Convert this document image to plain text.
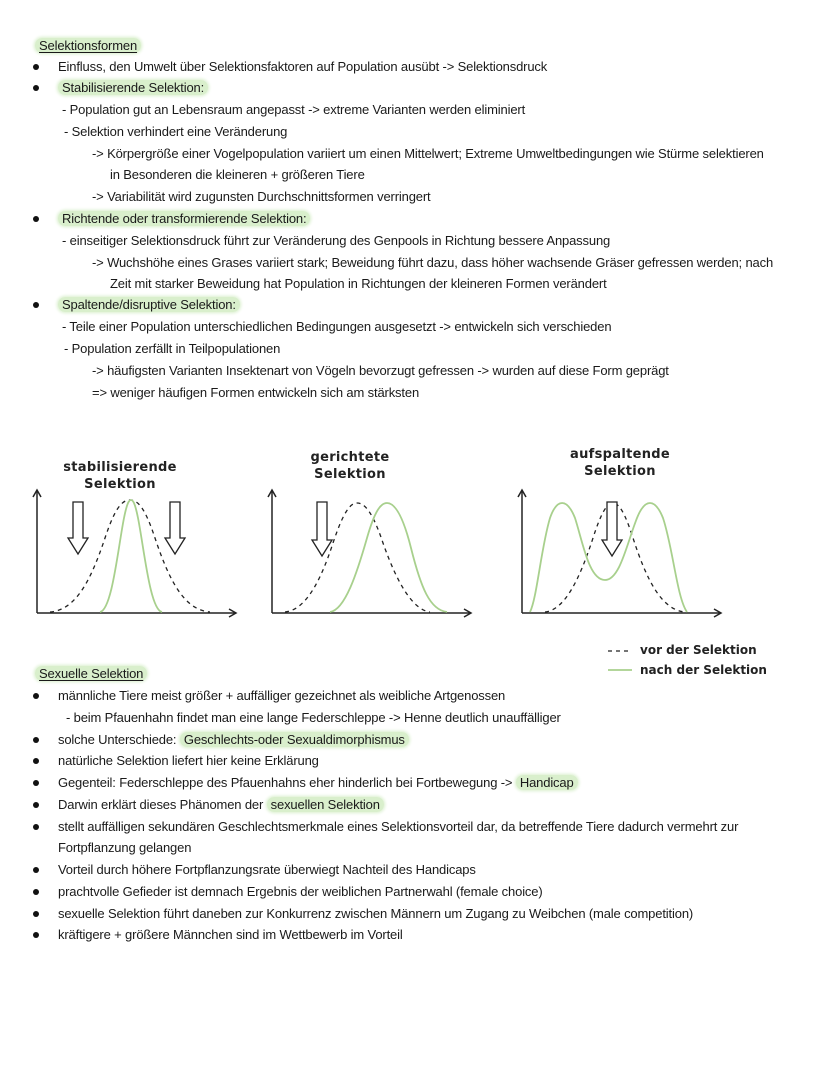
Selektionsformen
Einfluss, den Umwelt über Selektionsfaktoren auf Population ausübt -> Selektionsdruck
Stabilisierende Selektion:
- Population gut an Lebensraum angepasst -> extreme Varianten werden eliminiert
- Selektion verhindert eine Veränderung
-> Körpergröße einer Vogelpopulation variiert um einen Mittelwert; Extreme Umweltbedingungen wie Stürme selektieren
in Besonderen die kleineren + größeren Tiere
-> Variabilität wird zugunsten Durchschnittsformen verringert
Richtende oder transformierende Selektion:
- einseitiger Selektionsdruck führt zur Veränderung des Genpools in Richtung bessere Anpassung
-> Wuchshöhe eines Grases variiert stark; Beweidung führt dazu, dass höher wachsende Gräser gefressen werden; nach
Zeit mit starker Beweidung hat Population in Richtungen der kleineren Formen verändert
Spaltende/disruptive Selektion:
- Teile einer Population unterschiedlichen Bedingungen ausgesetzt -> entwickeln sich verschieden
- Population zerfällt in Teilpopulationen
-> häufigsten Varianten Insektenart von Vögeln bevorzugt gefressen -> wurden auf diese Form geprägt
=> weniger häufigen Formen entwickeln sich am stärksten
stabilisierende
Selektion
gerichtete
Selektion
aufspaltende
Selektion
vor der Selektion
nach der Selektion
Sexuelle Selektion
männliche Tiere meist größer + auffälliger gezeichnet als weibliche Artgenossen
- beim Pfauenhahn findet man eine lange Federschleppe -> Henne deutlich unauffälliger
solche Unterschiede: Geschlechts-oder Sexualdimorphismus
natürliche Selektion liefert hier keine Erklärung
Gegenteil: Federschleppe des Pfauenhahns eher hinderlich bei Fortbewegung -> Handicap
Darwin erklärt dieses Phänomen der sexuellen Selektion
stellt auffälligen sekundären Geschlechtsmerkmale eines Selektionsvorteil dar, da betreffende Tiere dadurch vermehrt zur
Fortpflanzung gelangen
Vorteil durch höhere Fortpflanzungsrate überwiegt Nachteil des Handicaps
prachtvolle Gefieder ist demnach Ergebnis der weiblichen Partnerwahl (female choice)
sexuelle Selektion führt daneben zur Konkurrenz zwischen Männern um Zugang zu Weibchen (male competition)
kräftigere + größere Männchen sind im Wettbewerb im Vorteil
